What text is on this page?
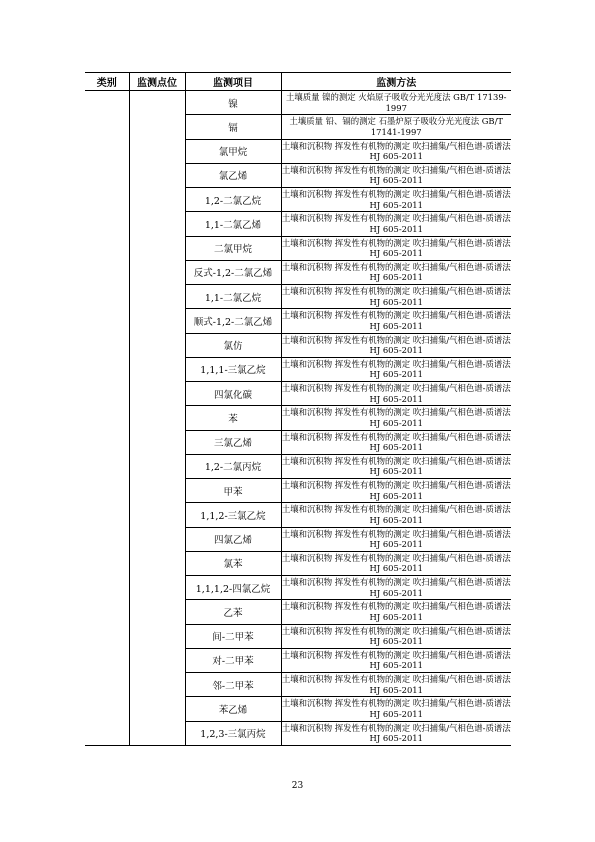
类别	监测点位	监测项目	监测方法
		镍	土壤质量 镍的测定 火焰原子吸收分光光度法 GB/T 17139-1997
		镉	土壤质量 铅、镉的测定 石墨炉原子吸收分光光度法 GB/T 17141-1997
		氯甲烷	土壤和沉积物 挥发性有机物的测定 吹扫捕集/气相色谱-质谱法 HJ 605-2011
		氯乙烯	土壤和沉积物 挥发性有机物的测定 吹扫捕集/气相色谱-质谱法 HJ 605-2011
		1,2-二氯乙烷	土壤和沉积物 挥发性有机物的测定 吹扫捕集/气相色谱-质谱法 HJ 605-2011
		1,1-二氯乙烯	土壤和沉积物 挥发性有机物的测定 吹扫捕集/气相色谱-质谱法 HJ 605-2011
		二氯甲烷	土壤和沉积物 挥发性有机物的测定 吹扫捕集/气相色谱-质谱法 HJ 605-2011
		反式-1,2-二氯乙烯	土壤和沉积物 挥发性有机物的测定 吹扫捕集/气相色谱-质谱法 HJ 605-2011
		1,1-二氯乙烷	土壤和沉积物 挥发性有机物的测定 吹扫捕集/气相色谱-质谱法 HJ 605-2011
		顺式-1,2-二氯乙烯	土壤和沉积物 挥发性有机物的测定 吹扫捕集/气相色谱-质谱法 HJ 605-2011
		氯仿	土壤和沉积物 挥发性有机物的测定 吹扫捕集/气相色谱-质谱法 HJ 605-2011
		1,1,1-三氯乙烷	土壤和沉积物 挥发性有机物的测定 吹扫捕集/气相色谱-质谱法 HJ 605-2011
		四氯化碳	土壤和沉积物 挥发性有机物的测定 吹扫捕集/气相色谱-质谱法 HJ 605-2011
		苯	土壤和沉积物 挥发性有机物的测定 吹扫捕集/气相色谱-质谱法 HJ 605-2011
		三氯乙烯	土壤和沉积物 挥发性有机物的测定 吹扫捕集/气相色谱-质谱法 HJ 605-2011
		1,2-二氯丙烷	土壤和沉积物 挥发性有机物的测定 吹扫捕集/气相色谱-质谱法 HJ 605-2011
		甲苯	土壤和沉积物 挥发性有机物的测定 吹扫捕集/气相色谱-质谱法 HJ 605-2011
		1,1,2-三氯乙烷	土壤和沉积物 挥发性有机物的测定 吹扫捕集/气相色谱-质谱法 HJ 605-2011
		四氯乙烯	土壤和沉积物 挥发性有机物的测定 吹扫捕集/气相色谱-质谱法 HJ 605-2011
		氯苯	土壤和沉积物 挥发性有机物的测定 吹扫捕集/气相色谱-质谱法 HJ 605-2011
		1,1,1,2-四氯乙烷	土壤和沉积物 挥发性有机物的测定 吹扫捕集/气相色谱-质谱法 HJ 605-2011
		乙苯	土壤和沉积物 挥发性有机物的测定 吹扫捕集/气相色谱-质谱法 HJ 605-2011
		间-二甲苯	土壤和沉积物 挥发性有机物的测定 吹扫捕集/气相色谱-质谱法 HJ 605-2011
		对-二甲苯	土壤和沉积物 挥发性有机物的测定 吹扫捕集/气相色谱-质谱法 HJ 605-2011
		邻-二甲苯	土壤和沉积物 挥发性有机物的测定 吹扫捕集/气相色谱-质谱法 HJ 605-2011
		苯乙烯	土壤和沉积物 挥发性有机物的测定 吹扫捕集/气相色谱-质谱法 HJ 605-2011
		1,2,3-三氯丙烷	土壤和沉积物 挥发性有机物的测定 吹扫捕集/气相色谱-质谱法 HJ 605-2011
23
